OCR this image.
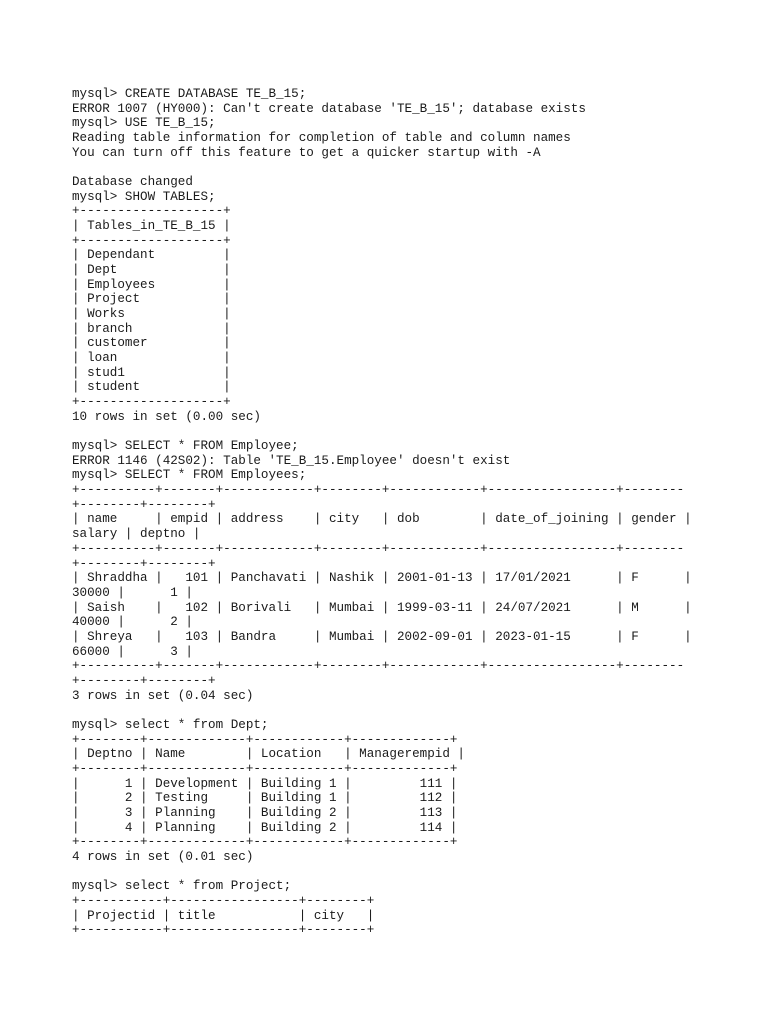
mysql> CREATE DATABASE TE_B_15;
ERROR 1007 (HY000): Can't create database 'TE_B_15'; database exists
mysql> USE TE_B_15;
Reading table information for completion of table and column names
You can turn off this feature to get a quicker startup with -A
Database changed
mysql> SHOW TABLES;
+-------------------+
| Tables_in_TE_B_15 |
+-------------------+
| Dependant         |
| Dept              |
| Employees         |
| Project           |
| Works             |
| branch            |
| customer          |
| loan              |
| stud1             |
| student           |
+-------------------+
10 rows in set (0.00 sec)
mysql> SELECT * FROM Employee;
ERROR 1146 (42S02): Table 'TE_B_15.Employee' doesn't exist
mysql> SELECT * FROM Employees;
+----------+-------+------------+--------+------------+-----------------+--------
+--------+--------+
| name     | empid | address    | city   | dob        | date_of_joining | gender |
salary | deptno |
+----------+-------+------------+--------+------------+-----------------+--------
+--------+--------+
| Shraddha |   101 | Panchavati | Nashik | 2001-01-13 | 17/01/2021      | F      |
30000 |      1 |
| Saish    |   102 | Borivali   | Mumbai | 1999-03-11 | 24/07/2021      | M      |
40000 |      2 |
| Shreya   |   103 | Bandra     | Mumbai | 2002-09-01 | 2023-01-15      | F      |
66000 |      3 |
+----------+-------+------------+--------+------------+-----------------+--------
+--------+--------+
3 rows in set (0.04 sec)
mysql> select * from Dept;
+--------+-------------+------------+-------------+
| Deptno | Name        | Location   | Managerempid |
+--------+-------------+------------+-------------+
|      1 | Development | Building 1 |         111 |
|      2 | Testing     | Building 1 |         112 |
|      3 | Planning    | Building 2 |         113 |
|      4 | Planning    | Building 2 |         114 |
+--------+-------------+------------+-------------+
4 rows in set (0.01 sec)
mysql> select * from Project;
+-----------+-----------------+--------+
| Projectid | title           | city   |
+-----------+-----------------+--------+
